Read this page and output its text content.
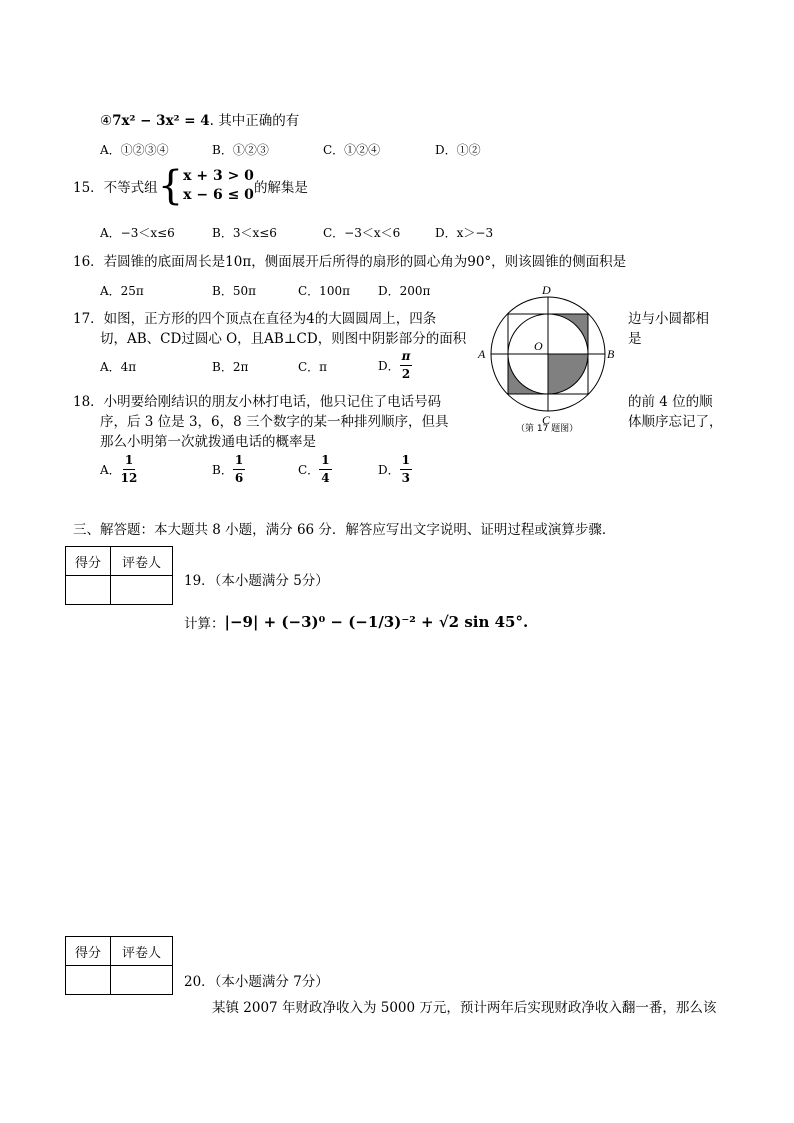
④7x² − 3x² = 4. 其中正确的有
A．①②③④	B．①②③	C．①②④	D．①②
15．不等式组 { x + 3 > 0
x − 6 ≤ 0 的解集是
A．−3＜x≤6	B．3＜x≤6	C．−3＜x＜6	D．x＞−3
16．若圆锥的底面周长是10π，侧面展开后所得的扇形的圆心角为90°，则该圆锥的侧面积是
A．25π	B．50π	C．100π D．200π
17．如图，正方形的四个顶点在直径为4的大圆圆周上，四条	边与小圆都相
切，AB、CD过圆心 O，且AB⊥CD，则图中阴影部分的面积	是
A．4π	B．2π	C．π	D． $\frac{\pi}{2}$	A	B
D
C
O
（第 17 题图）
18．小明要给刚结识的朋友小林打电话，他只记住了电话号码	的前 4 位的顺
序，后 3 位是 3，6，8 三个数字的某一种排列顺序，但具	体顺序忘记了，
那么小明第一次就拨通电话的概率是
A． $\frac{1}{12}$	B． $\frac{1}{6}$	C． $\frac{1}{4}$	D． $\frac{1}{3}$
三、解答题：本大题共 8 小题，满分 66 分．解答应写出文字说明、证明过程或演算步骤．
得分	评卷人

19．（本小题满分 5分）
计算： |−9| + (−3)⁰ − (−1/3)⁻² + √2 sin 45°.
得分	评卷人

20．（本小题满分 7分）
某镇 2007 年财政净收入为 5000 万元，预计两年后实现财政净收入翻一番，那么该
